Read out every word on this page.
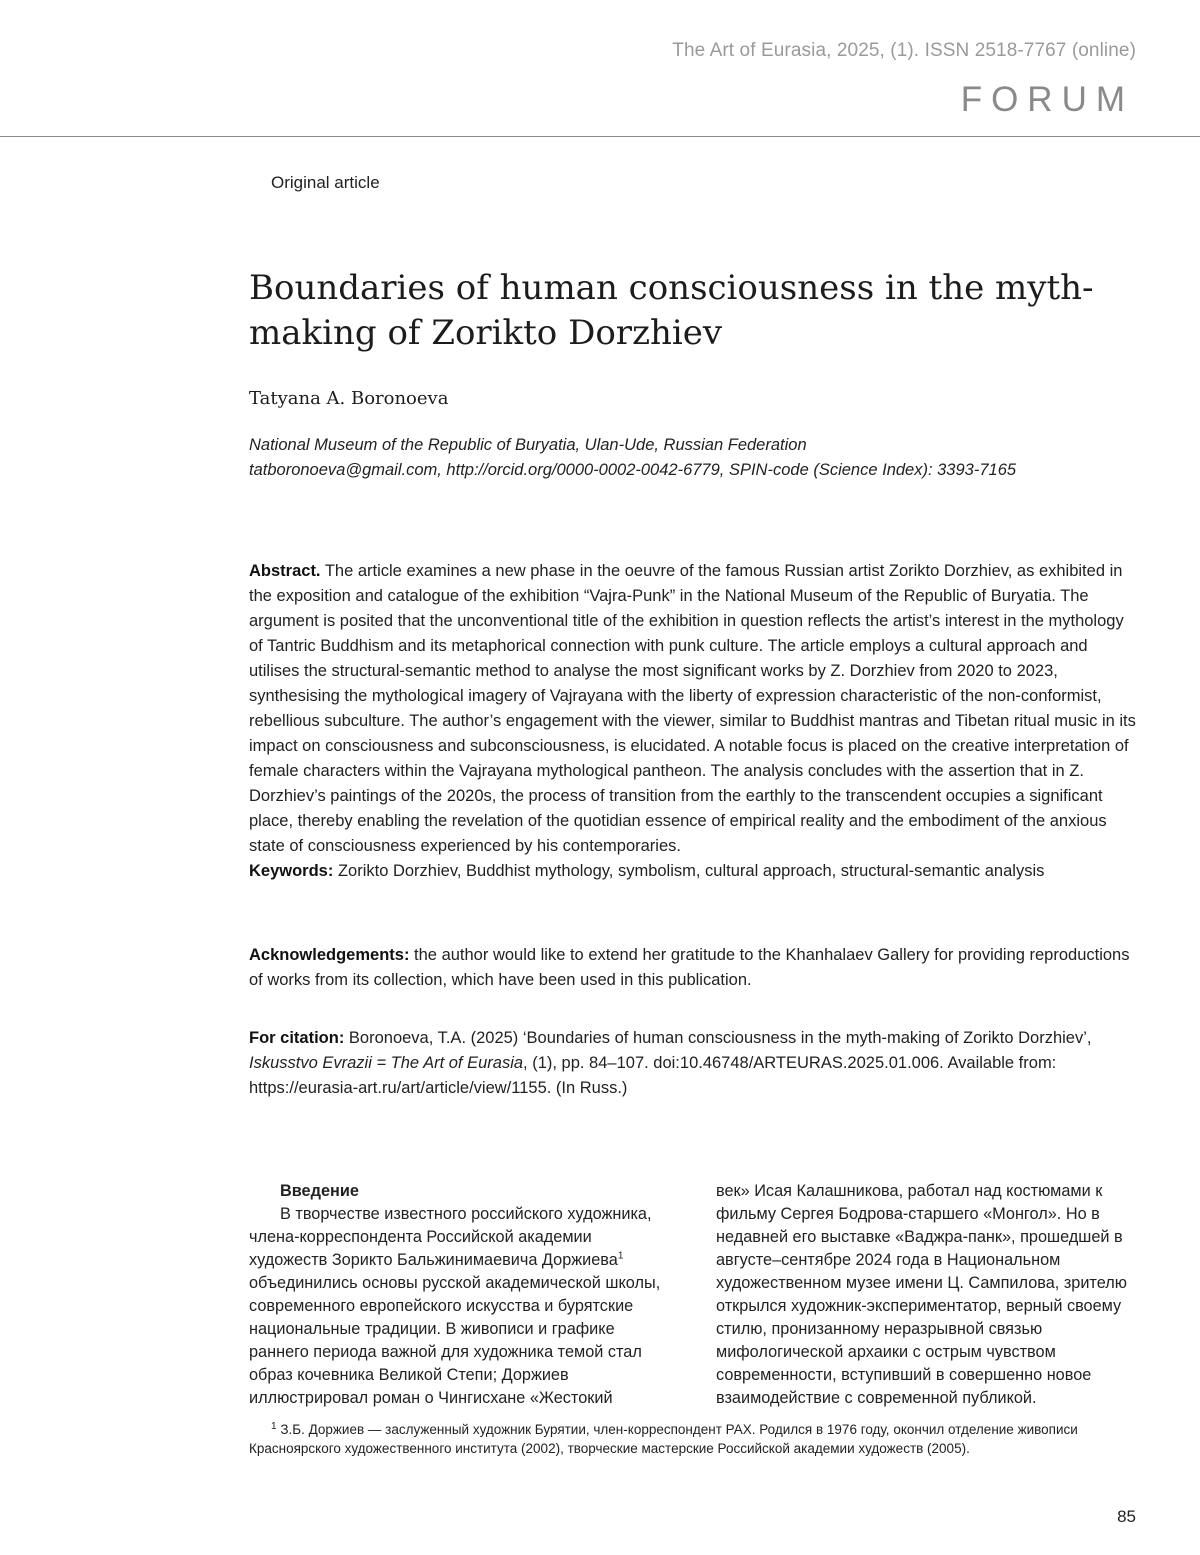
The Art of Eurasia, 2025, (1). ISSN 2518-7767 (online)
FORUM
Original article
Boundaries of human consciousness in the myth-making of Zorikto Dorzhiev
Tatyana A. Boronoeva
National Museum of the Republic of Buryatia, Ulan-Ude, Russian Federation
tatboronoeva@gmail.com, http://orcid.org/0000-0002-0042-6779, SPIN-code (Science Index): 3393-7165

Abstract. The article examines a new phase in the oeuvre of the famous Russian artist Zorikto Dorzhiev, as exhibited in the exposition and catalogue of the exhibition “Vajra-Punk” in the National Museum of the Republic of Buryatia. The argument is posited that the unconventional title of the exhibition in question reflects the artist’s interest in the mythology of Tantric Buddhism and its metaphorical connection with punk culture. The article employs a cultural approach and utilises the structural-semantic method to analyse the most significant works by Z. Dorzhiev from 2020 to 2023, synthesising the mythological imagery of Vajrayana with the liberty of expression characteristic of the non-conformist, rebellious subculture. The author’s engagement with the viewer, similar to Buddhist mantras and Tibetan ritual music in its impact on consciousness and subconsciousness, is elucidated. A notable focus is placed on the creative interpretation of female characters within the Vajrayana mythological pantheon. The analysis concludes with the assertion that in Z. Dorzhiev’s paintings of the 2020s, the process of transition from the earthly to the transcendent occupies a significant place, thereby enabling the revelation of the quotidian essence of empirical reality and the embodiment of the anxious state of consciousness experienced by his contemporaries.

Keywords: Zorikto Dorzhiev, Buddhist mythology, symbolism, cultural approach, structural-semantic analysis

Acknowledgements: the author would like to extend her gratitude to the Khanhalaev Gallery for providing reproductions of works from its collection, which have been used in this publication.
For citation: Boronoeva, T.A. (2025) ‘Boundaries of human consciousness in the myth-making of Zorikto Dorzhiev’, Iskusstvo Evrazii = The Art of Eurasia, (1), pp. 84–107. doi:10.46748/ARTEURAS.2025.01.006. Available from: https://eurasia-art.ru/art/article/view/1155. (In Russ.)
Введение
В творчестве известного российского художника, члена-корреспондента Российской академии художеств Зорикто Бальжинимаевича Доржиева$^1$ объединились основы русской академической школы, современного европейского искусства и бурятские национальные традиции. В живописи и графике раннего периода важной для художника темой стал образ кочевника Великой Степи; Доржиев иллюстрировал роман о Чингисхане «Жестокий
век» Исая Калашникова, работал над костюмами к фильму Сергея Бодрова-старшего «Монгол». Но в недавней его выставке «Ваджра-панк», прошедшей в августе–сентябре 2024 года в Национальном художественном музее имени Ц. Сампилова, зрителю открылся художник-экспериментатор, верный своему стилю, пронизанному неразрывной связью мифологической архаики с острым чувством современности, вступивший в совершенно новое взаимодействие с современной публикой.
$^1$ З.Б. Доржиев — заслуженный художник Бурятии, член-корреспондент РАХ. Родился в 1976 году, окончил отделение живописи Красноярского художественного института (2002), творческие мастерские Российской академии художеств (2005).
85
